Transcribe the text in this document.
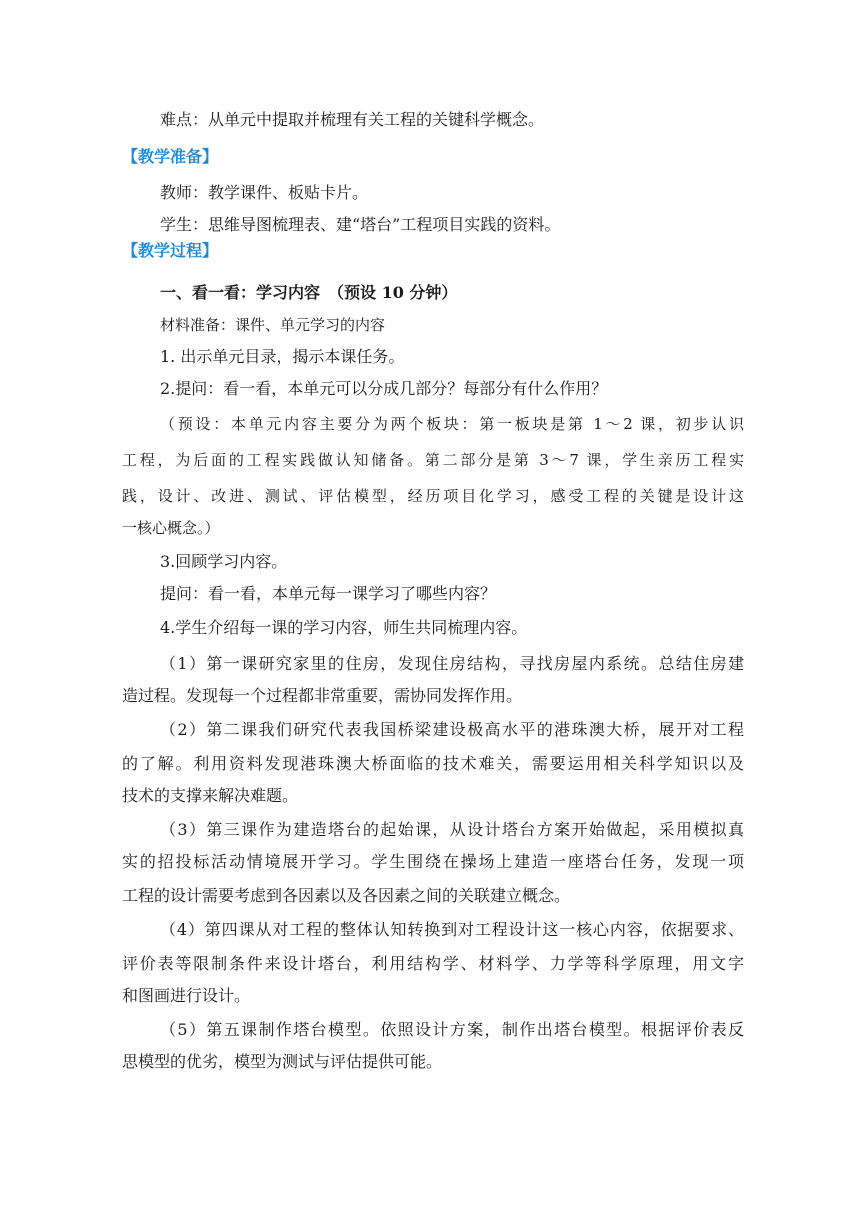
难点：从单元中提取并梳理有关工程的关键科学概念。

【教学准备】

教师：教学课件、板贴卡片。

学生：思维导图梳理表、建“塔台”工程项目实践的资料。

【教学过程】

一、看一看：学习内容　（预设 10 分钟）

材料准备：课件、单元学习的内容

1. 出示单元目录，揭示本课任务。

2.提问：看一看，本单元可以分成几部分？每部分有什么作用？

（预设：本单元内容主要分为两个板块：第一板块是第 1～2 课，初步认识

工程，为后面的工程实践做认知储备。第二部分是第 3～7 课，学生亲历工程实

践，设计、改进、测试、评估模型，经历项目化学习，感受工程的关键是设计这

一核心概念。）

3.回顾学习内容。

提问：看一看，本单元每一课学习了哪些内容？

4.学生介绍每一课的学习内容，师生共同梳理内容。

（1）第一课研究家里的住房，发现住房结构，寻找房屋内系统。总结住房建

造过程。发现每一个过程都非常重要，需协同发挥作用。

（2）第二课我们研究代表我国桥梁建设极高水平的港珠澳大桥，展开对工程

的了解。利用资料发现港珠澳大桥面临的技术难关，需要运用相关科学知识以及

技术的支撑来解决难题。

（3）第三课作为建造塔台的起始课，从设计塔台方案开始做起，采用模拟真

实的招投标活动情境展开学习。学生围绕在操场上建造一座塔台任务，发现一项

工程的设计需要考虑到各因素以及各因素之间的关联建立概念。

（4）第四课从对工程的整体认知转换到对工程设计这一核心内容，依据要求、

评价表等限制条件来设计塔台，利用结构学、材料学、力学等科学原理，用文字

和图画进行设计。

（5）第五课制作塔台模型。依照设计方案，制作出塔台模型。根据评价表反

思模型的优劣，模型为测试与评估提供可能。
